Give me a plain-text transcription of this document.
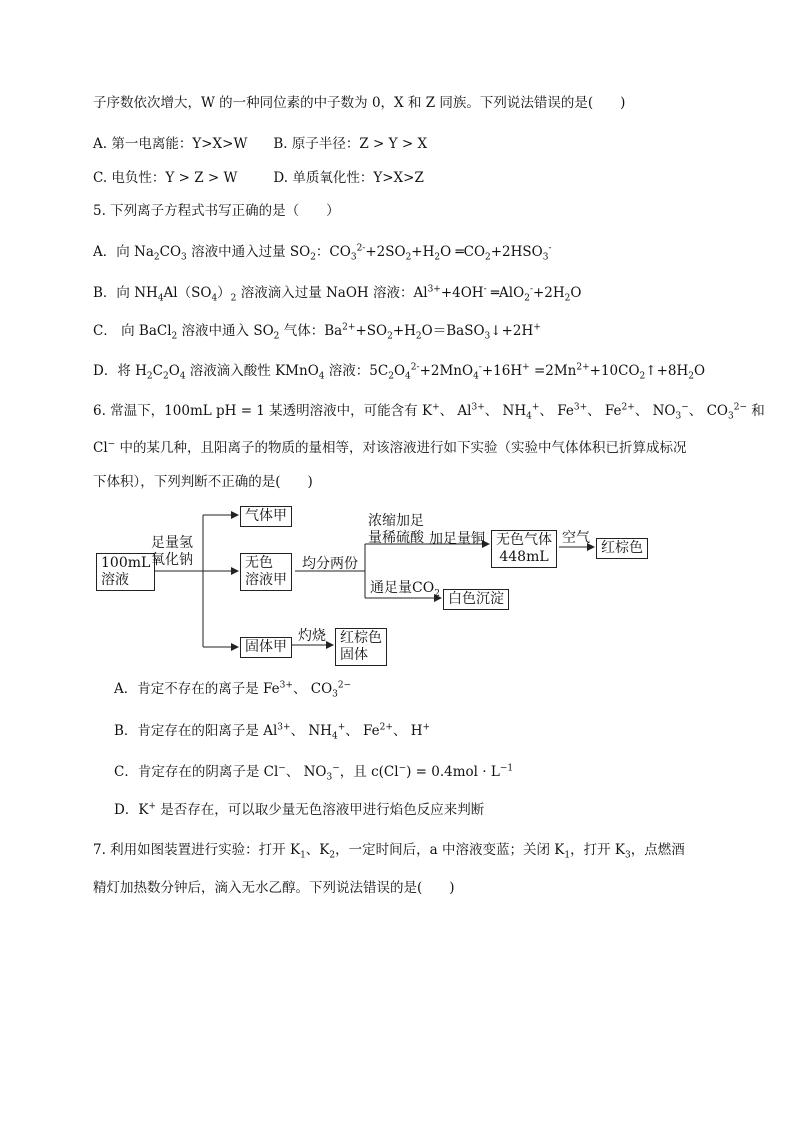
子序数依次增大，W 的一种同位素的中子数为 0，X 和 Z 同族。下列说法错误的是(　　)
A. 第一电离能：Y>X>W B. 原子半径：Z > Y > X
C. 电负性：Y > Z > W	D. 单质氧化性：Y>X>Z
5. 下列离子方程式书写正确的是（　　）
A．向 $Na_2CO_3$ 溶液中通入过量 $SO_2$：$CO_3^{2-}+2SO_2+H_2O$ $═CO_2+2HSO_3^-$
B．向 $NH_4Al(SO_4)_2$ 溶液滴入过量 NaOH 溶液：$Al^{3+}+4OH^-$ $═AlO_2^-+2H_2O$
C． 向 BaCl$_2$ 溶液中通入 $SO_2$ 气体：$Ba^{2+}+SO_2+H_2O=BaSO_3↓+2H^+$
D．将 $H_2C_2O_4$ 溶液滴入酸性 KMnO$_4$ 溶液：$5C_2O_4^{2-}+2MnO_4^-+16H^+$ $=2Mn^{2+}+10CO_2↑+8H_2O$
6. 常温下，100mL pH = 1 某透明溶液中，可能含有 K+、 $Al^{3+}$、 $NH_4^+$、 $Fe^{3+}$、 $Fe^{2+}$、 $NO_3^-$、 $CO_3^{2-}$ 和
Cl− 中的某几种，且阳离子的物质的量相等，对该溶液进行如下实验（实验中气体体积已折算成标况
下体积），下列判断不正确的是(　　)
100mL
溶液
足量氢
氧化钠
气体甲
无色
溶液甲
均分两份
浓缩加足
量稀硫酸 加足量铜 无色气体
448mL
空气
红棕色
通足量$CO_2$ 白色沉淀
固体甲
灼烧 红棕色
固体
A．肯定不存在的离子是 $Fe^{3+}$、 $CO_3^{2-}$
B．肯定存在的阳离子是 $Al^{3+}$、 $NH_4^+$、 $Fe^{2+}$、 H+
C．肯定存在的阴离子是 Cl−、 $NO_3^-$，且 $c(Cl^-) = 0.4mol \cdot L^{-1}$
D．K+ 是否存在，可以取少量无色溶液甲进行焰色反应来判断
7. 利用如图装置进行实验：打开 $K_1$、$K_2$，一定时间后，a 中溶液变蓝；关闭 $K_1$，打开 $K_3$，点燃酒
精灯加热数分钟后，滴入无水乙醇。下列说法错误的是(　　)
